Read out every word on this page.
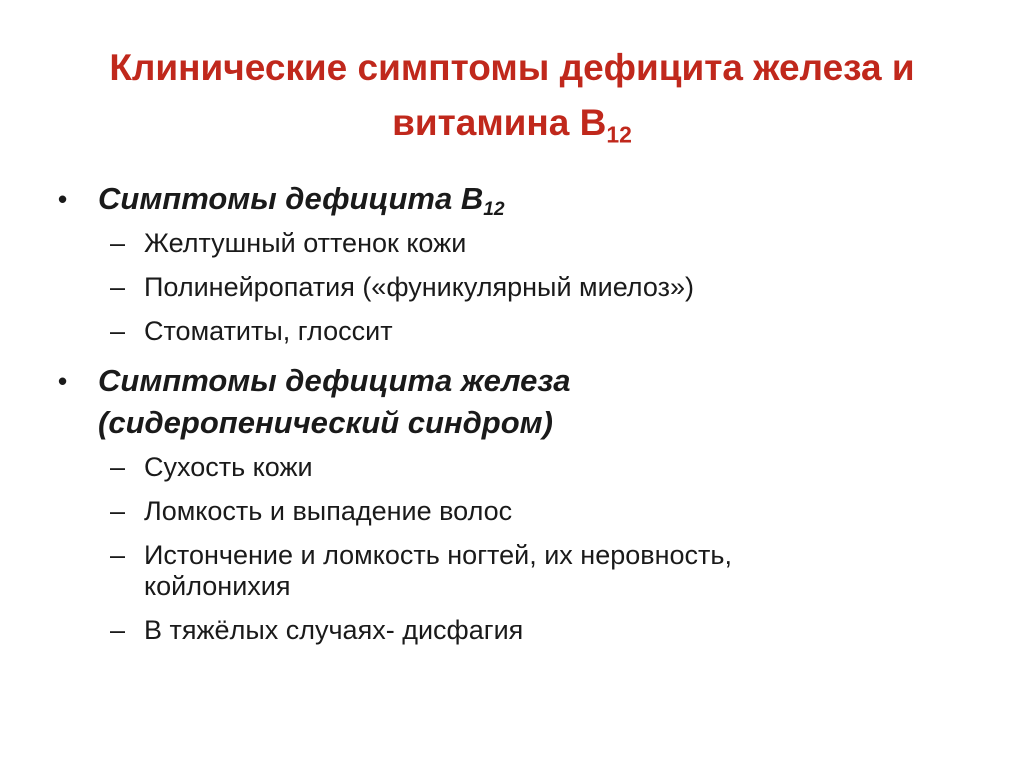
Клинические симптомы дефицита железа и
витамина $B_{12}$
• Симптомы дефицита $B_{12}$
– Желтушный оттенок кожи
– Полинейропатия («фуникулярный миелоз»)
– Стоматиты, глоссит
• Симптомы дефицита железа
(сидеропенический синдром)
– Сухость кожи
– Ломкость и выпадение волос
– Истончение и ломкость ногтей, их неровность,
койлонихия
– В тяжёлых случаях- дисфагия
